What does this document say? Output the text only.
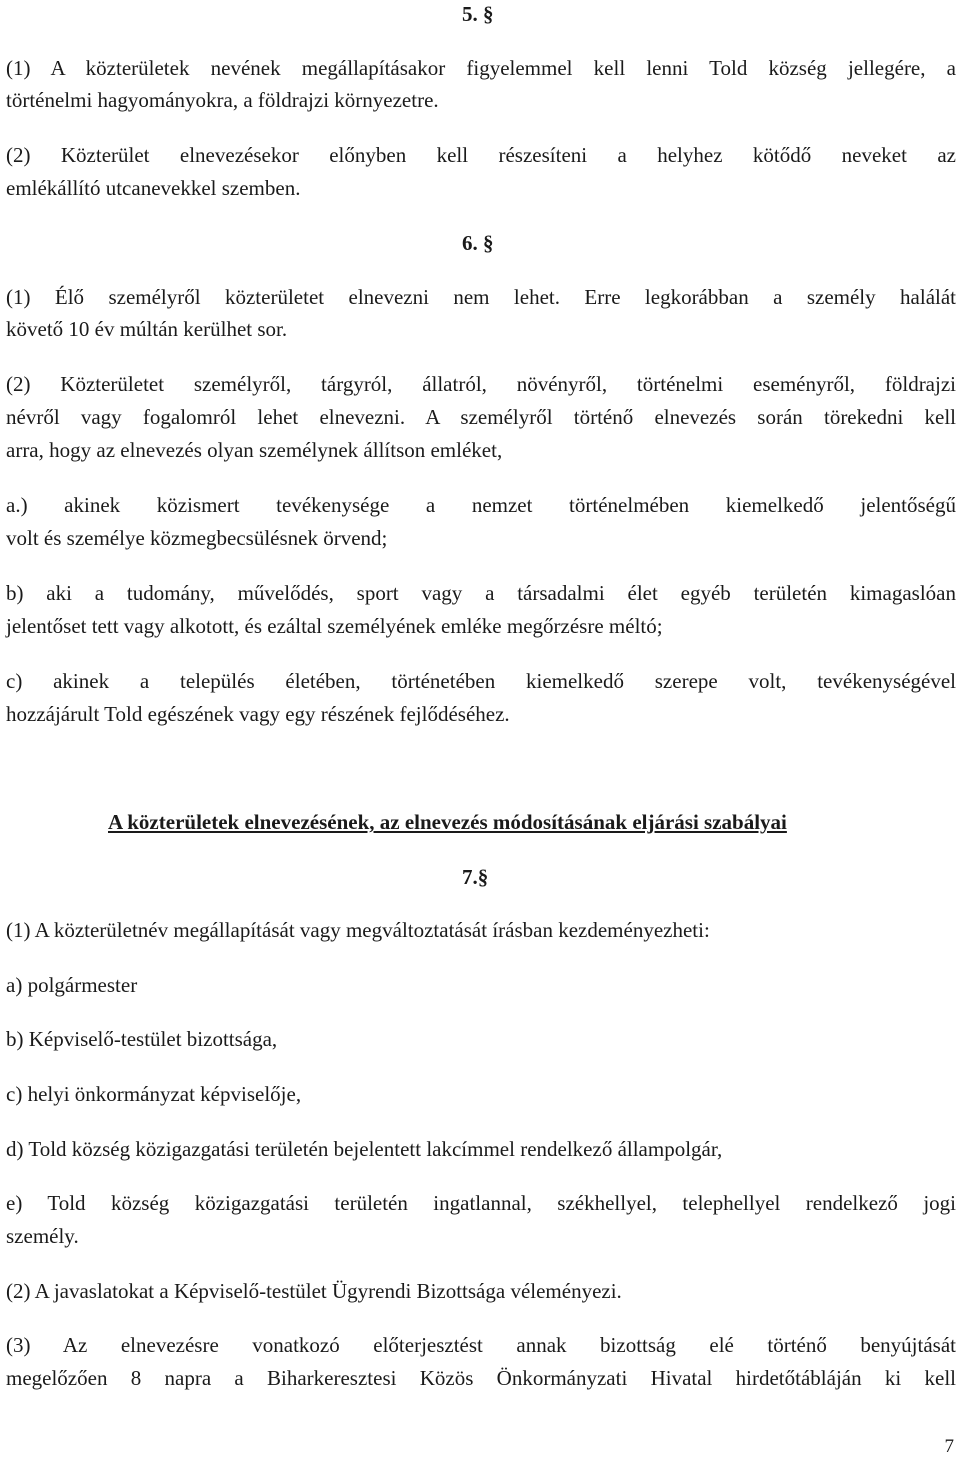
5. §
(1) A közterületek nevének megállapításakor figyelemmel kell lenni Told község jellegére, a
történelmi hagyományokra, a földrajzi környezetre.
(2) Közterület elnevezésekor előnyben kell részesíteni a helyhez kötődő neveket az
emlékállító utcanevekkel szemben.
6. §
(1) Élő személyről közterületet elnevezni nem lehet. Erre legkorábban a személy halálát
követő 10 év múltán kerülhet sor.
(2) Közterületet személyről, tárgyról, állatról, növényről, történelmi eseményről, földrajzi
névről vagy fogalomról lehet elnevezni. A személyről történő elnevezés során törekedni kell
arra, hogy az elnevezés olyan személynek állítson emléket,
a.) akinek közismert tevékenysége a nemzet történelmében kiemelkedő jelentőségű
volt és személye közmegbecsülésnek örvend;
b) aki a tudomány, művelődés, sport vagy a társadalmi élet egyéb területén kimagaslóan
jelentőset tett vagy alkotott, és ezáltal személyének emléke megőrzésre méltó;
c) akinek a település életében, történetében kiemelkedő szerepe volt, tevékenységével
hozzájárult Told egészének vagy egy részének fejlődéséhez.
A közterületek elnevezésének, az elnevezés módosításának eljárási szabályai
7.§
(1) A közterületnév megállapítását vagy megváltoztatását írásban kezdeményezheti:
a) polgármester
b) Képviselő-testület bizottsága,
c) helyi önkormányzat képviselője,
d) Told község közigazgatási területén bejelentett lakcímmel rendelkező állampolgár,
e) Told község közigazgatási területén ingatlannal, székhellyel, telephellyel rendelkező jogi
személy.
(2) A javaslatokat a Képviselő-testület Ügyrendi Bizottsága véleményezi.
(3) Az elnevezésre vonatkozó előterjesztést annak bizottság elé történő benyújtását
megelőzően 8 napra a Biharkeresztesi Közös Önkormányzati Hivatal hirdetőtábláján ki kell
7
